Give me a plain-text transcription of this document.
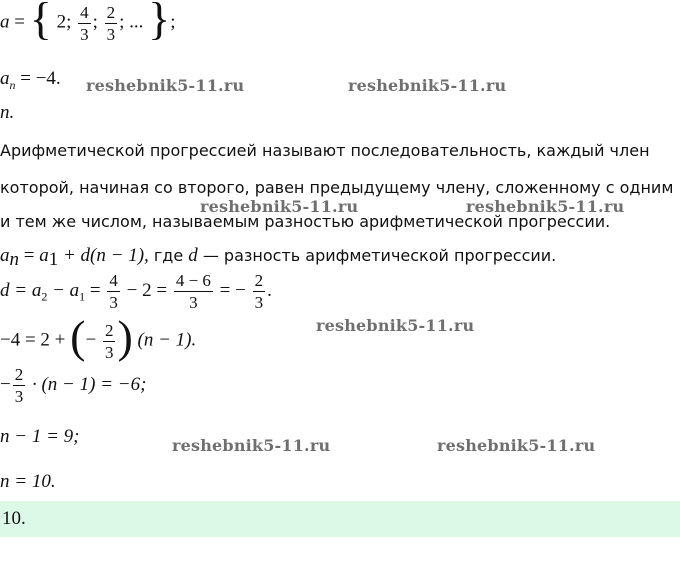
a = { 2; $\frac{4}{3}$ ; $\frac{2}{3}$ ; ... };
$a_n = -4$.
n.
Арифметической прогрессией называют последовательность, каждый член
которой, начиная со второго, равен предыдущему члену, сложенному с одним
и тем же числом, называемым разностью арифметической прогрессии.
$a_n = a_1 + d(n - 1)$, где d — разность арифметической прогрессии.
$d = a_2 - a_1 = \frac{4}{3} - 2 = \frac{4 - 6}{3}$ = − $\frac{2}{3}$ .
−4 = 2 + (− $\frac{2}{3}$ ) (n − 1).
− $\frac{2}{3} \cdot (n - 1) = -6$;
n − 1 = 9;
n = 10.
10.
reshebnik5-11.ru	reshebnik5-11.ru
reshebnik5-11.ru	reshebnik5-11.ru
reshebnik5-11.ru
reshebnik5-11.ru	reshebnik5-11.ru
